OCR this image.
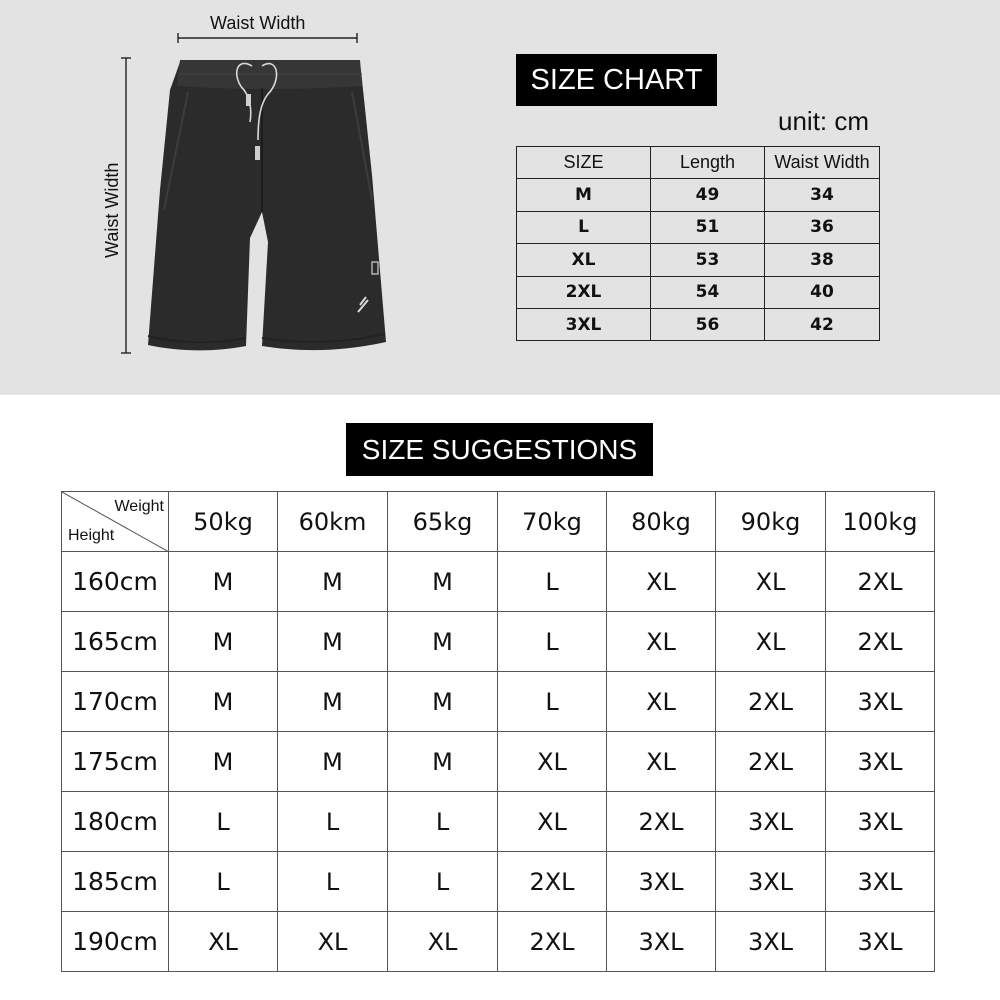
Waist Width
Waist Width
SIZE CHART
unit: cm
SIZE	Length	Waist Width
M	49	34
L	51	36
XL	53	38
2XL	54	40
3XL	56	42
SIZE SUGGESTIONS
Weight
Height	50kg	60km	65kg	70kg	80kg	90kg	100kg
160cm	M	M	M	L	XL	XL	2XL
165cm	M	M	M	L	XL	XL	2XL
170cm	M	M	M	L	XL	2XL	3XL
175cm	M	M	M	XL	XL	2XL	3XL
180cm	L	L	L	XL	2XL	3XL	3XL
185cm	L	L	L	2XL	3XL	3XL	3XL
190cm	XL	XL	XL	2XL	3XL	3XL	3XL
